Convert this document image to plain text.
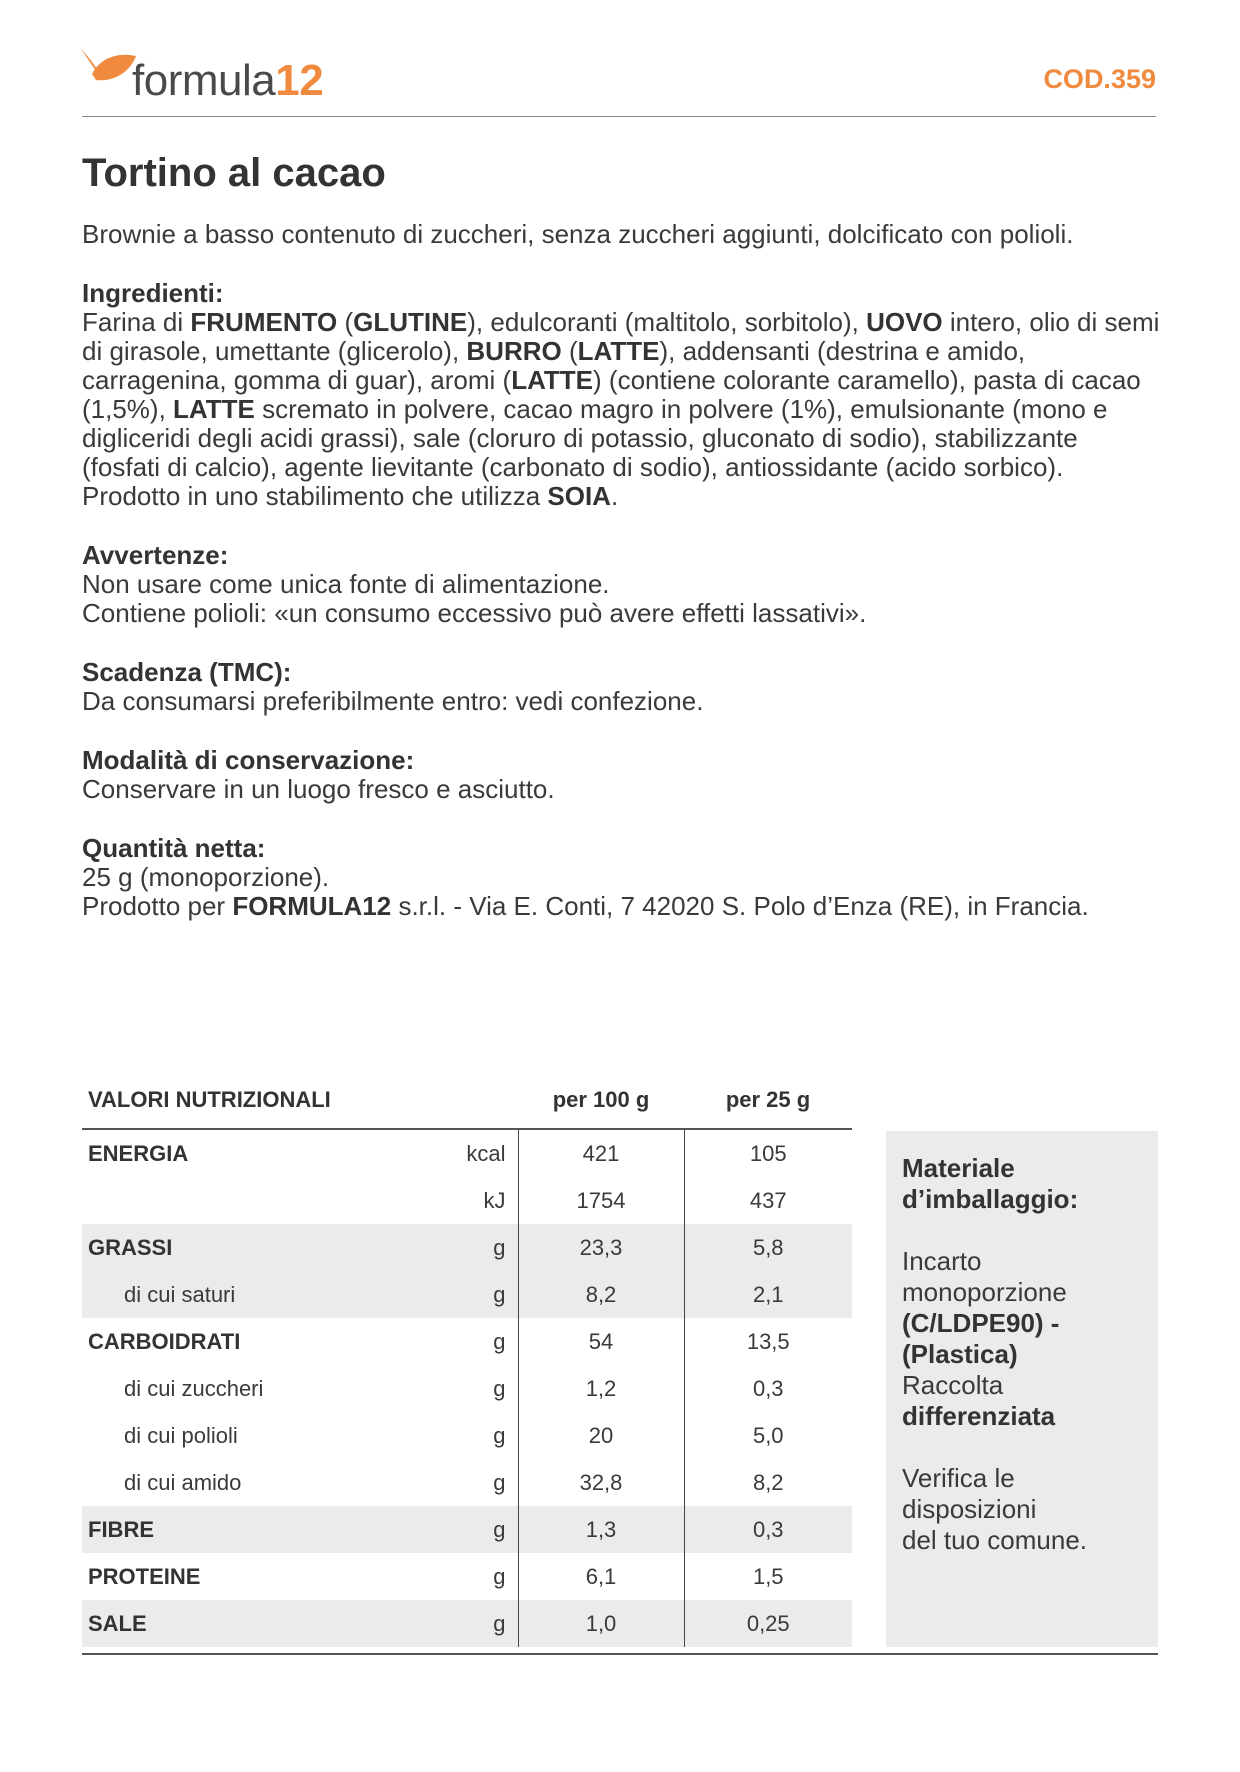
formula12	COD.359
Tortino al cacao

Brownie a basso contenuto di zuccheri, senza zuccheri aggiunti, dolcificato con polioli.

Ingredienti:

Farina di FRUMENTO (GLUTINE), edulcoranti (maltitolo, sorbitolo), UOVO intero, olio di semi di girasole, umettante (glicerolo), BURRO (LATTE), addensanti (destrina e amido, carragenina, gomma di guar), aromi (LATTE) (contiene colorante caramello), pasta di cacao (1,5%), LATTE scremato in polvere, cacao magro in polvere (1%), emulsionante (mono e digliceridi degli acidi grassi), sale (cloruro di potassio, gluconato di sodio), stabilizzante (fosfati di calcio), agente lievitante (carbonato di sodio), antiossidante (acido sorbico). Prodotto in uno stabilimento che utilizza SOIA.

Avvertenze:

Non usare come unica fonte di alimentazione.

Contiene polioli: «un consumo eccessivo può avere effetti lassativi».

Scadenza (TMC):

Da consumarsi preferibilmente entro: vedi confezione.

Modalità di conservazione:

Conservare in un luogo fresco e asciutto.

Quantità netta:

25 g (monoporzione).

Prodotto per FORMULA12 s.r.l. - Via E. Conti, 7 42020 S. Polo d’Enza (RE), in Francia.

VALORI NUTRIZIONALI		per 100 g	per 25 g
ENERGIA	kcal	421	105
	kJ	1754	437
GRASSI	g	23,3	5,8
di cui saturi	g	8,2	2,1
CARBOIDRATI	g	54	13,5
di cui zuccheri	g	1,2	0,3
di cui polioli	g	20	5,0
di cui amido	g	32,8	8,2
FIBRE	g	1,3	0,3
PROTEINE	g	6,1	1,5
SALE	g	1,0	0,25
Materiale
d’imballaggio:
Incarto
monoporzione
(C/LDPE90) -
(Plastica)
Raccolta
differenziata
Verifica le
disposizioni
del tuo comune.
